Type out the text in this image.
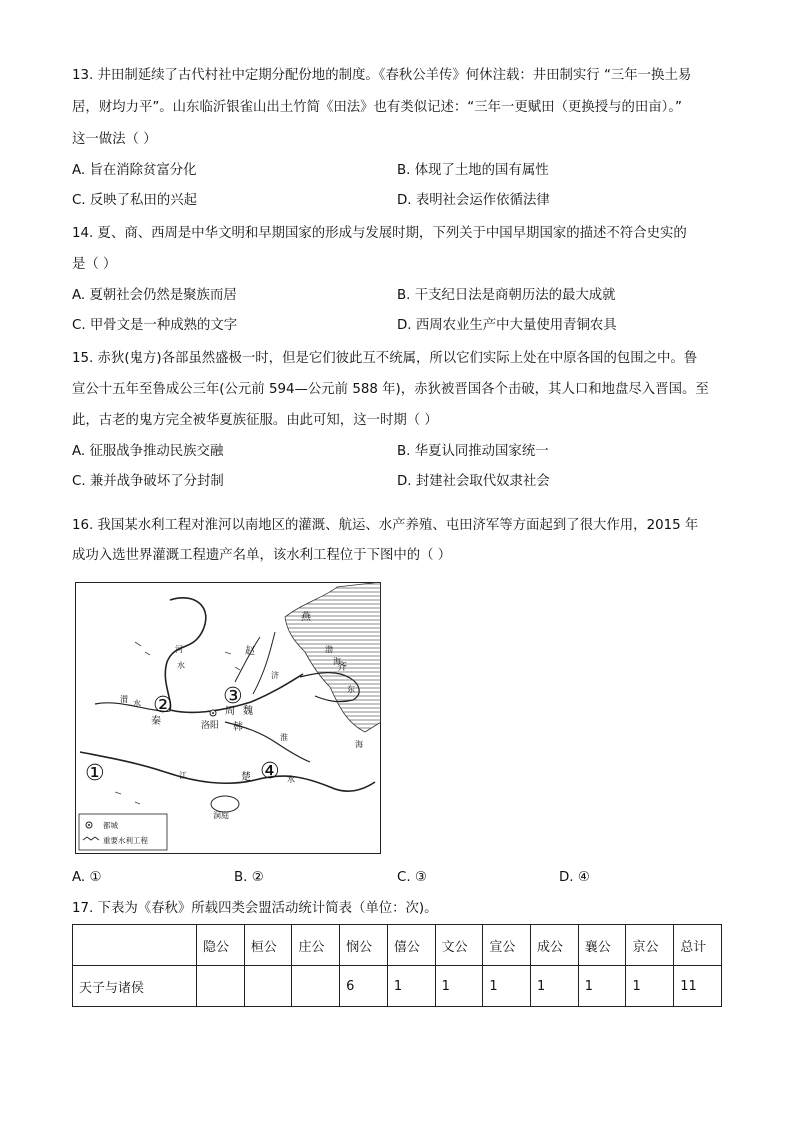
13. 井田制延续了古代村社中定期分配份地的制度。《春秋公羊传》何休注载：井田制实行 “三年一换土易
居，财均力平”。山东临沂银雀山出土竹简《田法》也有类似记述：“三年一更赋田（更换授与的田亩）。”
这一做法（ ）
A. 旨在消除贫富分化	B. 体现了土地的国有属性
C. 反映了私田的兴起	D. 表明社会运作依循法律
14. 夏、商、西周是中华文明和早期国家的形成与发展时期，下列关于中国早期国家的描述不符合史实的
是（ ）
A. 夏朝社会仍然是聚族而居	B. 干支纪日法是商朝历法的最大成就
C. 甲骨文是一种成熟的文字	D. 西周农业生产中大量使用青铜农具
15. 赤狄(鬼方)各部虽然盛极一时，但是它们彼此互不统属，所以它们实际上处在中原各国的包围之中。鲁
宣公十五年至鲁成公三年(公元前 594—公元前 588 年)，赤狄被晋国各个击破，其人口和地盘尽入晋国。至
此，古老的鬼方完全被华夏族征服。由此可知，这一时期（ ）
A. 征服战争推动民族交融	B. 华夏认同推动国家统一
C. 兼并战争破坏了分封制	D. 封建社会取代奴隶社会
16. 我国某水利工程对淮河以南地区的灌溉、航运、水产养殖、屯田济军等方面起到了很大作用，2015 年
成功入选世界灌溉工程遗产名单，该水利工程位于下图中的（ ）
燕
赵
齐
秦
周 魏
韩
楚
渤
海
东
海
河
水
渭 水
淮
水
江
济
洛阳
洞庭
①
② ③
④
都城
重要水利工程
A. ①	B. ②	C. ③	D. ④
17. 下表为《春秋》所载四类会盟活动统计简表（单位：次)。
	隐公	桓公	庄公	悯公	僖公	文公	宣公	成公	襄公	京公	总计
天子与诸侯				6	1	1	1	1	1	1	11
